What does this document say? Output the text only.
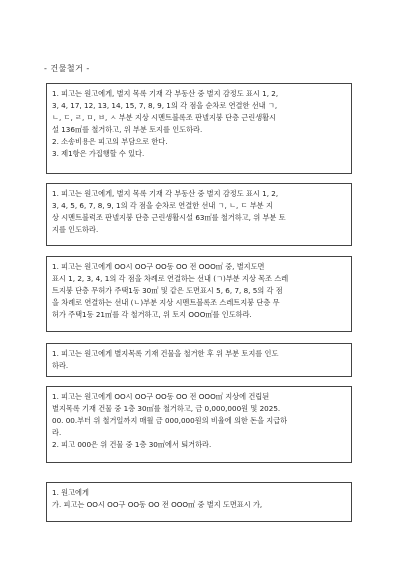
- 건물철거 -
1. 피고는 원고에게, 별지 목록 기재 각 부동산 중 별지 감정도 표시 1, 2,
3, 4, 17, 12, 13, 14, 15, 7, 8, 9, 1의 각 점을 순차로 연결한 선내 ㄱ,
ㄴ, ㄷ, ㄹ, ㅁ, ㅂ, ㅅ 부분 지상 시멘트블록조 판넬지붕 단층 근린생활시
설 136㎡를 철거하고, 위 부분 토지를 인도하라.
2. 소송비용은 피고의 부담으로 한다.
3. 제1항은 가집행할 수 있다.
1. 피고는 원고에게, 별지 목록 기재 각 부동산 중 별지 감정도 표시 1, 2,
3, 4, 5, 6, 7, 8, 9, 1의 각 점을 순차로 연결한 선내 ㄱ, ㄴ, ㄷ 부분 지
상 시멘트블럭조 판넬지붕 단층 근린생활시설 63㎡를 철거하고, 위 부분 토
지를 인도하라.
1. 피고는 원고에게 OO시 OO구 OO동 OO 전 OOO㎡ 중, 별지도면
표시 1, 2, 3, 4, 1의 각 점을 차례로 연결하는 선내 (ㄱ)부분 지상 목조 스레
트지붕 단층 무허가 주택1동 30㎡ 및 같은 도면표시 5, 6, 7, 8, 5의 각 점
을 차례로 연결하는 선내 (ㄴ)부분 지상 시멘트블록조 스레트지붕 단층 무
허가 주택1동 21㎡를 각 철거하고, 위 토지 OOO㎡를 인도하라.
1. 피고는 원고에게 별지목록 기재 건물을 철거한 후 위 부분 토지를 인도
하라.
1. 피고는 원고에게 OO시 OO구 OO동 OO 전 OOO㎡ 지상에 건립된
별지목록 기재 건물 중 1층 30㎡를 철거하고, 금 0,000,000원 및 2025.
00. 00.부터 위 철거일까지 매월 금 000,000원의 비율에 의한 돈을 지급하
라.
2. 피고 000은 위 건물 중 1층 30㎡에서 퇴거하라.
1. 원고에게
가. 피고는 OO시 OO구 OO동 OO 전 OOO㎡ 중 별지 도면표시 가,
